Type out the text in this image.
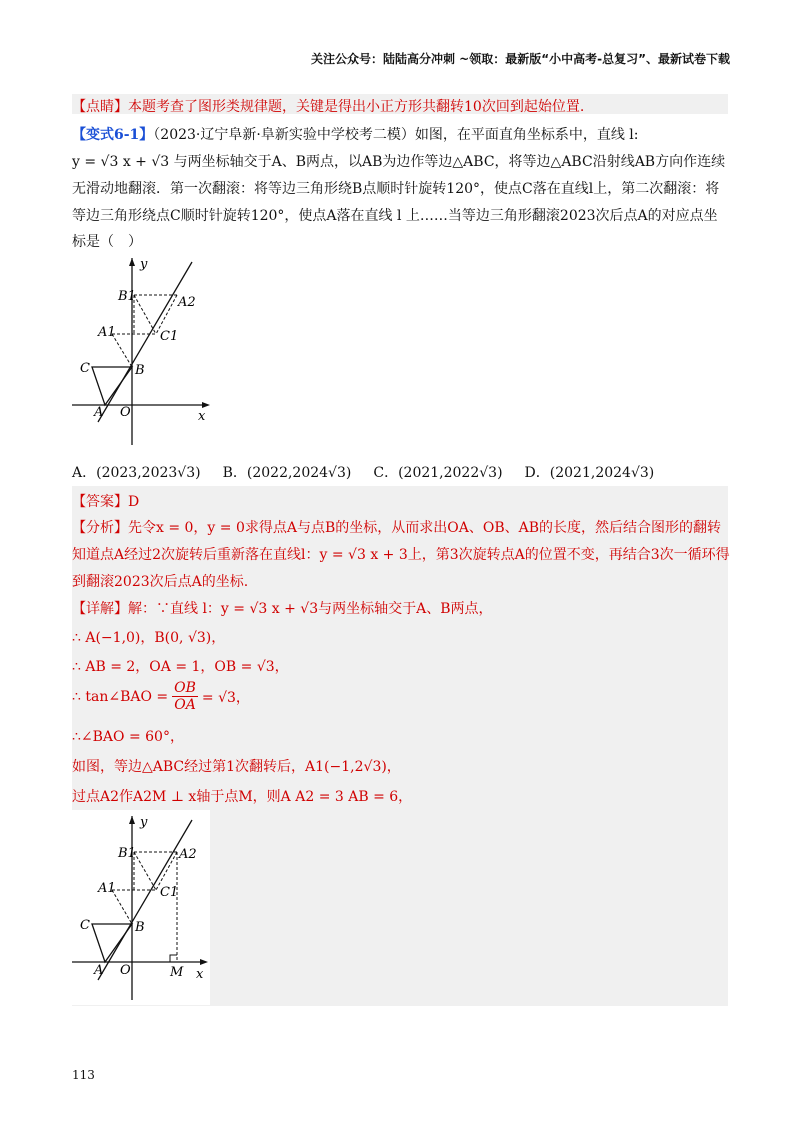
关注公众号：陆陆高分冲刺 ~领取：最新版“小中高考-总复习”、最新试卷下载
【点睛】本题考查了图形类规律题，关键是得出小正方形共翻转10次回到起始位置.
【变式6-1】（2023·辽宁阜新·阜新实验中学校考二模）如图，在平面直角坐标系中，直线 l:
y = √3 x + √3 与两坐标轴交于A、B两点，以AB为边作等边△ABC，将等边△ABC沿射线AB方向作连续
无滑动地翻滚．第一次翻滚：将等边三角形绕B点顺时针旋转120°，使点C落在直线l上，第二次翻滚：将
等边三角形绕点C顺时针旋转120°，使点A落在直线 l 上……当等边三角形翻滚2023次后点A的对应点坐
标是（　）
y
x
O
A
B
C
A1
B1
C1
A2
A．(2023,2023√3) B．(2022,2024√3) C．(2021,2022√3) D．(2021,2024√3)
【答案】D
【分析】先令x = 0，y = 0求得点A与点B的坐标，从而求出OA、OB、AB的长度，然后结合图形的翻转
知道点A经过2次旋转后重新落在直线l：y = √3 x + 3上，第3次旋转点A的位置不变，再结合3次一循环得
到翻滚2023次后点A的坐标.
【详解】解：∵直线 l：y = √3 x + √3与两坐标轴交于A、B两点，
∴ A(−1,0)，B(0, √3)，
∴ AB = 2，OA = 1，OB = √3，
∴ tan∠BAO = $\frac{OB}{OA} = √3$，
∴∠BAO = 60°，
如图，等边△ABC经过第1次翻转后，A1(−1,2√3)，
过点A2作A2M ⊥ x轴于点M，则A A2 = 3 AB = 6，
y
x
O
A
B
C
A1
B1
C1
A2
M
113
